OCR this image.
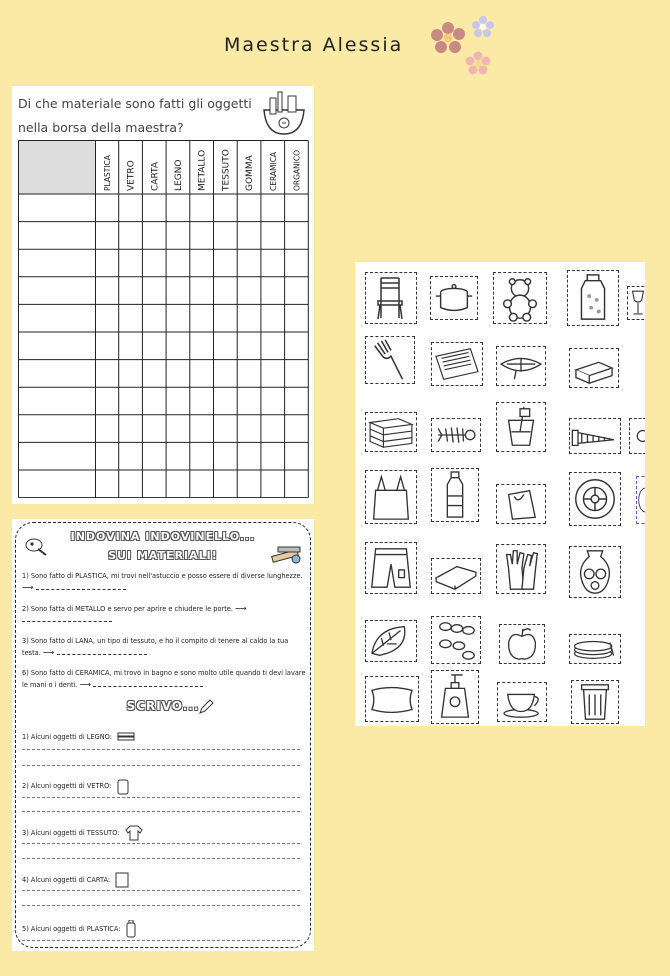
Maestra Alessia
Di che materiale sono fatti gli oggetti nella borsa della maestra?
PLASTICA VETRO CARTA LEGNO METALLO TESSUTO GOMMA CERAMICA ORGANICO
INDOVINA INDOVINELLO...
SUI MATERIALI!
1) Sono fatto di PLASTICA, mi trovi nell'astuccio e posso essere di diverse lunghezze. ⟶
2) Sono fatta di METALLO e servo per aprire e chiudere le porte. ⟶
3) Sono fatto di LANA, un tipo di tessuto, e ho il compito di tenere al caldo la tua testa. ⟶
6) Sono fatto di CERAMICA, mi trovo in bagno e sono molto utile quando ti devi lavare le mani o i denti. ⟶
SCRIVO...
1) Alcuni oggetti di LEGNO:
2) Alcuni oggetti di VETRO:
3) Alcuni oggetti di TESSUTO:
4) Alcuni oggetti di CARTA:
5) Alcuni oggetti di PLASTICA:
